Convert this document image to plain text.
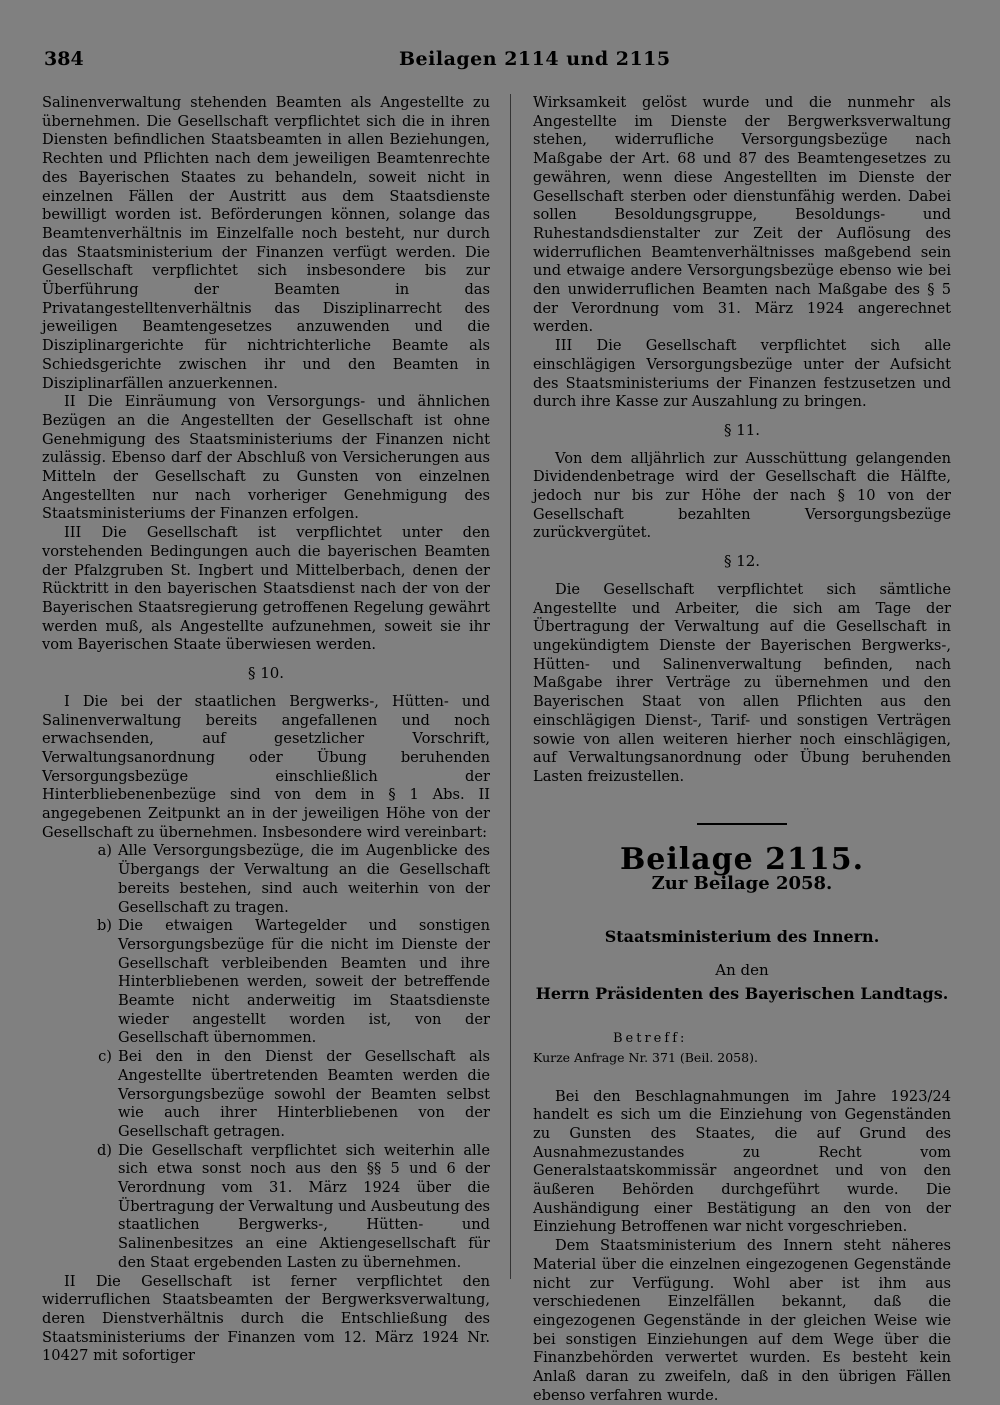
384	Beilagen 2114 und 2115

Salinenverwaltung stehenden Beamten als Angestellte zu übernehmen. Die Gesellschaft verpflichtet sich die in ihren Diensten befindlichen Staatsbeamten in allen Beziehungen, Rechten und Pflichten nach dem jeweiligen Beamtenrechte des Bayerischen Staates zu behandeln, soweit nicht in einzelnen Fällen der Austritt aus dem Staatsdienste bewilligt worden ist. Beförderungen können, solange das Beamtenverhältnis im Einzelfalle noch besteht, nur durch das Staatsministerium der Finanzen verfügt werden. Die Gesellschaft verpflichtet sich insbesondere bis zur Überführung der Beamten in das Privatangestelltenverhältnis das Disziplinarrecht des jeweiligen Beamtengesetzes anzuwenden und die Disziplinargerichte für nichtrichterliche Beamte als Schiedsgerichte zwischen ihr und den Beamten in Disziplinarfällen anzuerkennen.

II Die Einräumung von Versorgungs- und ähnlichen Bezügen an die Angestellten der Gesellschaft ist ohne Genehmigung des Staatsministeriums der Finanzen nicht zulässig. Ebenso darf der Abschluß von Versicherungen aus Mitteln der Gesellschaft zu Gunsten von einzelnen Angestellten nur nach vorheriger Genehmigung des Staatsministeriums der Finanzen erfolgen.

III Die Gesellschaft ist verpflichtet unter den vorstehenden Bedingungen auch die bayerischen Beamten der Pfalzgruben St. Ingbert und Mittelberbach, denen der Rücktritt in den bayerischen Staatsdienst nach der von der Bayerischen Staatsregierung getroffenen Regelung gewährt werden muß, als Angestellte aufzunehmen, soweit sie ihr vom Bayerischen Staate überwiesen werden.

§ 10.

I Die bei der staatlichen Bergwerks-, Hütten- und Salinenverwaltung bereits angefallenen und noch erwachsenden, auf gesetzlicher Vorschrift, Verwaltungsanordnung oder Übung beruhenden Versorgungsbezüge einschließlich der Hinterbliebenenbezüge sind von dem in § 1 Abs. II angegebenen Zeitpunkt an in der jeweiligen Höhe von der Gesellschaft zu übernehmen. Insbesondere wird vereinbart:

a) Alle Versorgungsbezüge, die im Augenblicke des Übergangs der Verwaltung an die Gesellschaft bereits bestehen, sind auch weiterhin von der Gesellschaft zu tragen.
b) Die etwaigen Wartegelder und sonstigen Versorgungsbezüge für die nicht im Dienste der Gesellschaft verbleibenden Beamten und ihre Hinterbliebenen werden, soweit der betreffende Beamte nicht anderweitig im Staatsdienste wieder angestellt worden ist, von der Gesellschaft übernommen.
c) Bei den in den Dienst der Gesellschaft als Angestellte übertretenden Beamten werden die Versorgungsbezüge sowohl der Beamten selbst wie auch ihrer Hinterbliebenen von der Gesellschaft getragen.
d) Die Gesellschaft verpflichtet sich weiterhin alle sich etwa sonst noch aus den §§ 5 und 6 der Verordnung vom 31. März 1924 über die Übertragung der Verwaltung und Ausbeutung des staatlichen Bergwerks-, Hütten- und Salinenbesitzes an eine Aktiengesellschaft für den Staat ergebenden Lasten zu übernehmen.

II Die Gesellschaft ist ferner verpflichtet den widerruflichen Staatsbeamten der Bergwerksverwaltung, deren Dienstverhältnis durch die Entschließung des Staatsministeriums der Finanzen vom 12. März 1924 Nr. 10427 mit sofortiger

Wirksamkeit gelöst wurde und die nunmehr als Angestellte im Dienste der Bergwerksverwaltung stehen, widerrufliche Versorgungsbezüge nach Maßgabe der Art. 68 und 87 des Beamtengesetzes zu gewähren, wenn diese Angestellten im Dienste der Gesellschaft sterben oder dienstunfähig werden. Dabei sollen Besoldungsgruppe, Besoldungs- und Ruhestandsdienstalter zur Zeit der Auflösung des widerruflichen Beamtenverhältnisses maßgebend sein und etwaige andere Versorgungsbezüge ebenso wie bei den unwiderruflichen Beamten nach Maßgabe des § 5 der Verordnung vom 31. März 1924 angerechnet werden.

III Die Gesellschaft verpflichtet sich alle einschlägigen Versorgungsbezüge unter der Aufsicht des Staatsministeriums der Finanzen festzusetzen und durch ihre Kasse zur Auszahlung zu bringen.

§ 11.

Von dem alljährlich zur Ausschüttung gelangenden Dividendenbetrage wird der Gesellschaft die Hälfte, jedoch nur bis zur Höhe der nach § 10 von der Gesellschaft bezahlten Versorgungsbezüge zurückvergütet.

§ 12.

Die Gesellschaft verpflichtet sich sämtliche Angestellte und Arbeiter, die sich am Tage der Übertragung der Verwaltung auf die Gesellschaft in ungekündigtem Dienste der Bayerischen Bergwerks-, Hütten- und Salinenverwaltung befinden, nach Maßgabe ihrer Verträge zu übernehmen und den Bayerischen Staat von allen Pflichten aus den einschlägigen Dienst-, Tarif- und sonstigen Verträgen sowie von allen weiteren hierher noch einschlägigen, auf Verwaltungsanordnung oder Übung beruhenden Lasten freizustellen.

Beilage 2115.
Zur Beilage 2058.
Staatsministerium des Innern.
An den
Herrn Präsidenten des Bayerischen Landtags.
Betreff:
Kurze Anfrage Nr. 371 (Beil. 2058).

Bei den Beschlagnahmungen im Jahre 1923/24 handelt es sich um die Einziehung von Gegenständen zu Gunsten des Staates, die auf Grund des Ausnahmezustandes zu Recht vom Generalstaatskommissär angeordnet und von den äußeren Behörden durchgeführt wurde. Die Aushändigung einer Bestätigung an den von der Einziehung Betroffenen war nicht vorgeschrieben.

Dem Staatsministerium des Innern steht näheres Material über die einzelnen eingezogenen Gegenstände nicht zur Verfügung. Wohl aber ist ihm aus verschiedenen Einzelfällen bekannt, daß die eingezogenen Gegenstände in der gleichen Weise wie bei sonstigen Einziehungen auf dem Wege über die Finanzbehörden verwertet wurden. Es besteht kein Anlaß daran zu zweifeln, daß in den übrigen Fällen ebenso verfahren wurde.
